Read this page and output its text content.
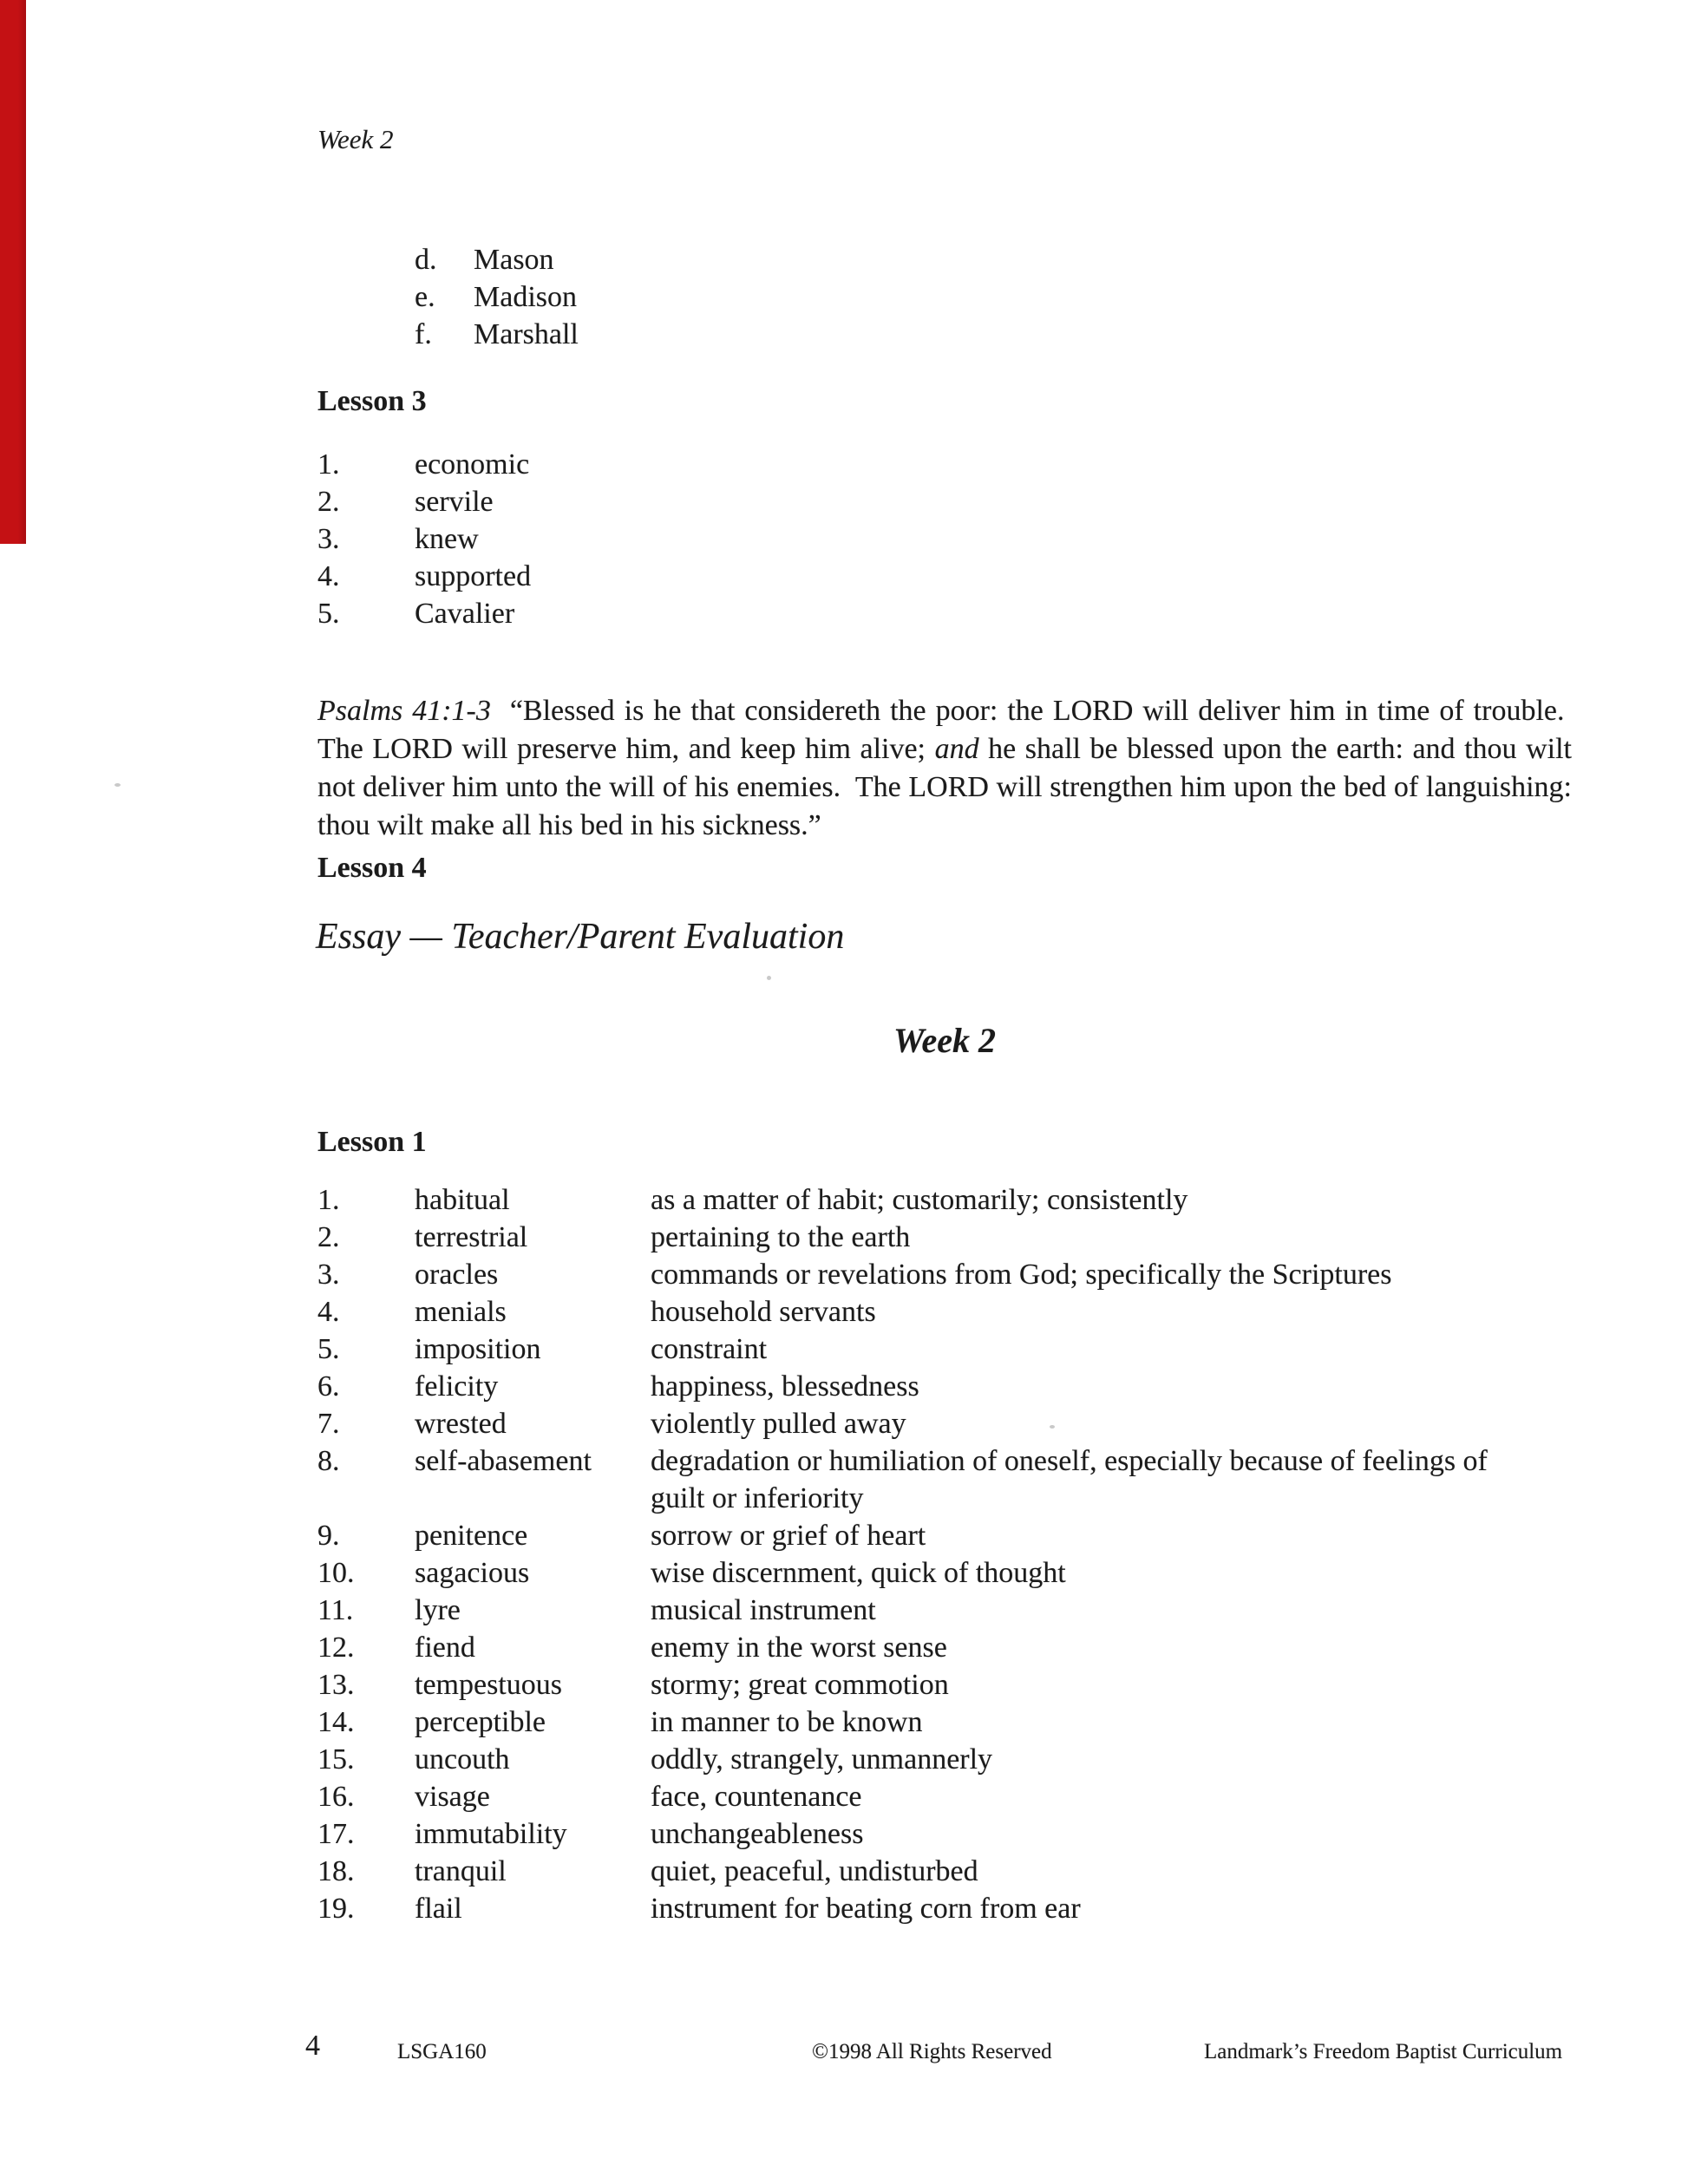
Week 2
d.	Mason
e.	Madison
f.	Marshall
Lesson 3
1.	economic
2.	servile
3.	knew
4.	supported
5.	Cavalier

Psalms 41:1-3  “Blessed is he that considereth the poor: the LORD will deliver him in time of trouble.  The LORD will preserve him, and keep him alive; and he shall be blessed upon the earth: and thou wilt not deliver him unto the will of his enemies.  The LORD will strengthen him upon the bed of languishing: thou wilt make all his bed in his sickness.”

Lesson 4
Essay — Teacher/Parent Evaluation
Week 2
Lesson 1
1.	habitual	as a matter of habit; customarily; consistently
2.	terrestrial	pertaining to the earth
3.	oracles	commands or revelations from God; specifically the Scriptures
4.	menials	household servants
5.	imposition	constraint
6.	felicity	happiness, blessedness
7.	wrested	violently pulled away
8.	self-abasement	degradation or humiliation of oneself, especially because of feelings of guilt or inferiority
9.	penitence	sorrow or grief of heart
10.	sagacious	wise discernment, quick of thought
11.	lyre	musical instrument
12.	fiend	enemy in the worst sense
13.	tempestuous	stormy; great commotion
14.	perceptible	in manner to be known
15.	uncouth	oddly, strangely, unmannerly
16.	visage	face, countenance
17.	immutability	unchangeableness
18.	tranquil	quiet, peaceful, undisturbed
19.	flail	instrument for beating corn from ear
4	LSGA160	©1998 All Rights Reserved	Landmark’s Freedom Baptist Curriculum
